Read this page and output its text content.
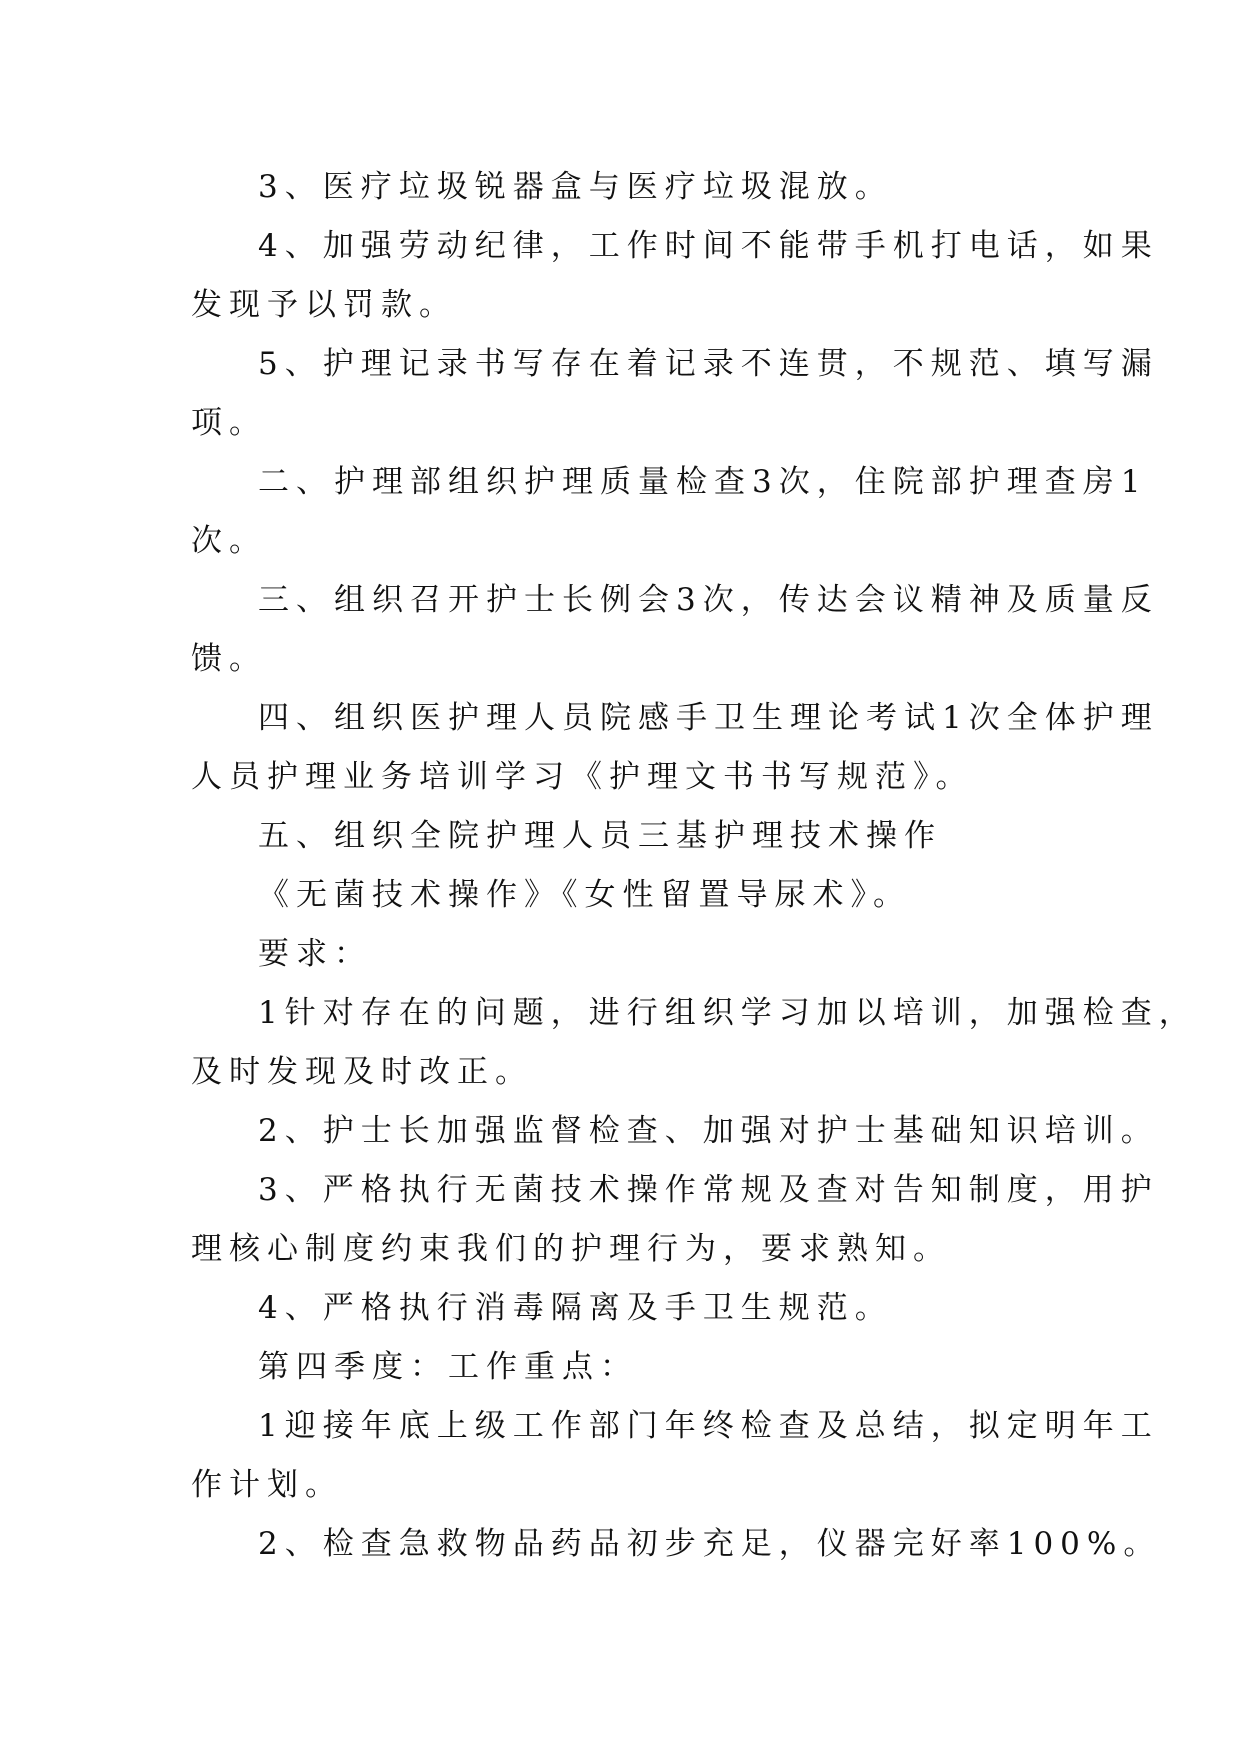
3、医疗垃圾锐器盒与医疗垃圾混放。

4、加强劳动纪律，工作时间不能带手机打电话，如果

发现予以罚款。

5、护理记录书写存在着记录不连贯，不规范、填写漏

项。

二、护理部组织护理质量检查3次，住院部护理查房1

次。

三、组织召开护士长例会3次，传达会议精神及质量反

馈。

四、组织医护理人员院感手卫生理论考试1次全体护理

人员护理业务培训学习《护理文书书写规范》。

五、组织全院护理人员三基护理技术操作

《无菌技术操作》《女性留置导尿术》。

要求：

1针对存在的问题，进行组织学习加以培训，加强检查，

及时发现及时改正。

2、护士长加强监督检查、加强对护士基础知识培训。

3、严格执行无菌技术操作常规及查对告知制度，用护

理核心制度约束我们的护理行为，要求熟知。

4、严格执行消毒隔离及手卫生规范。

第四季度：工作重点：

1迎接年底上级工作部门年终检查及总结，拟定明年工

作计划。

2、检查急救物品药品初步充足，仪器完好率100%。
